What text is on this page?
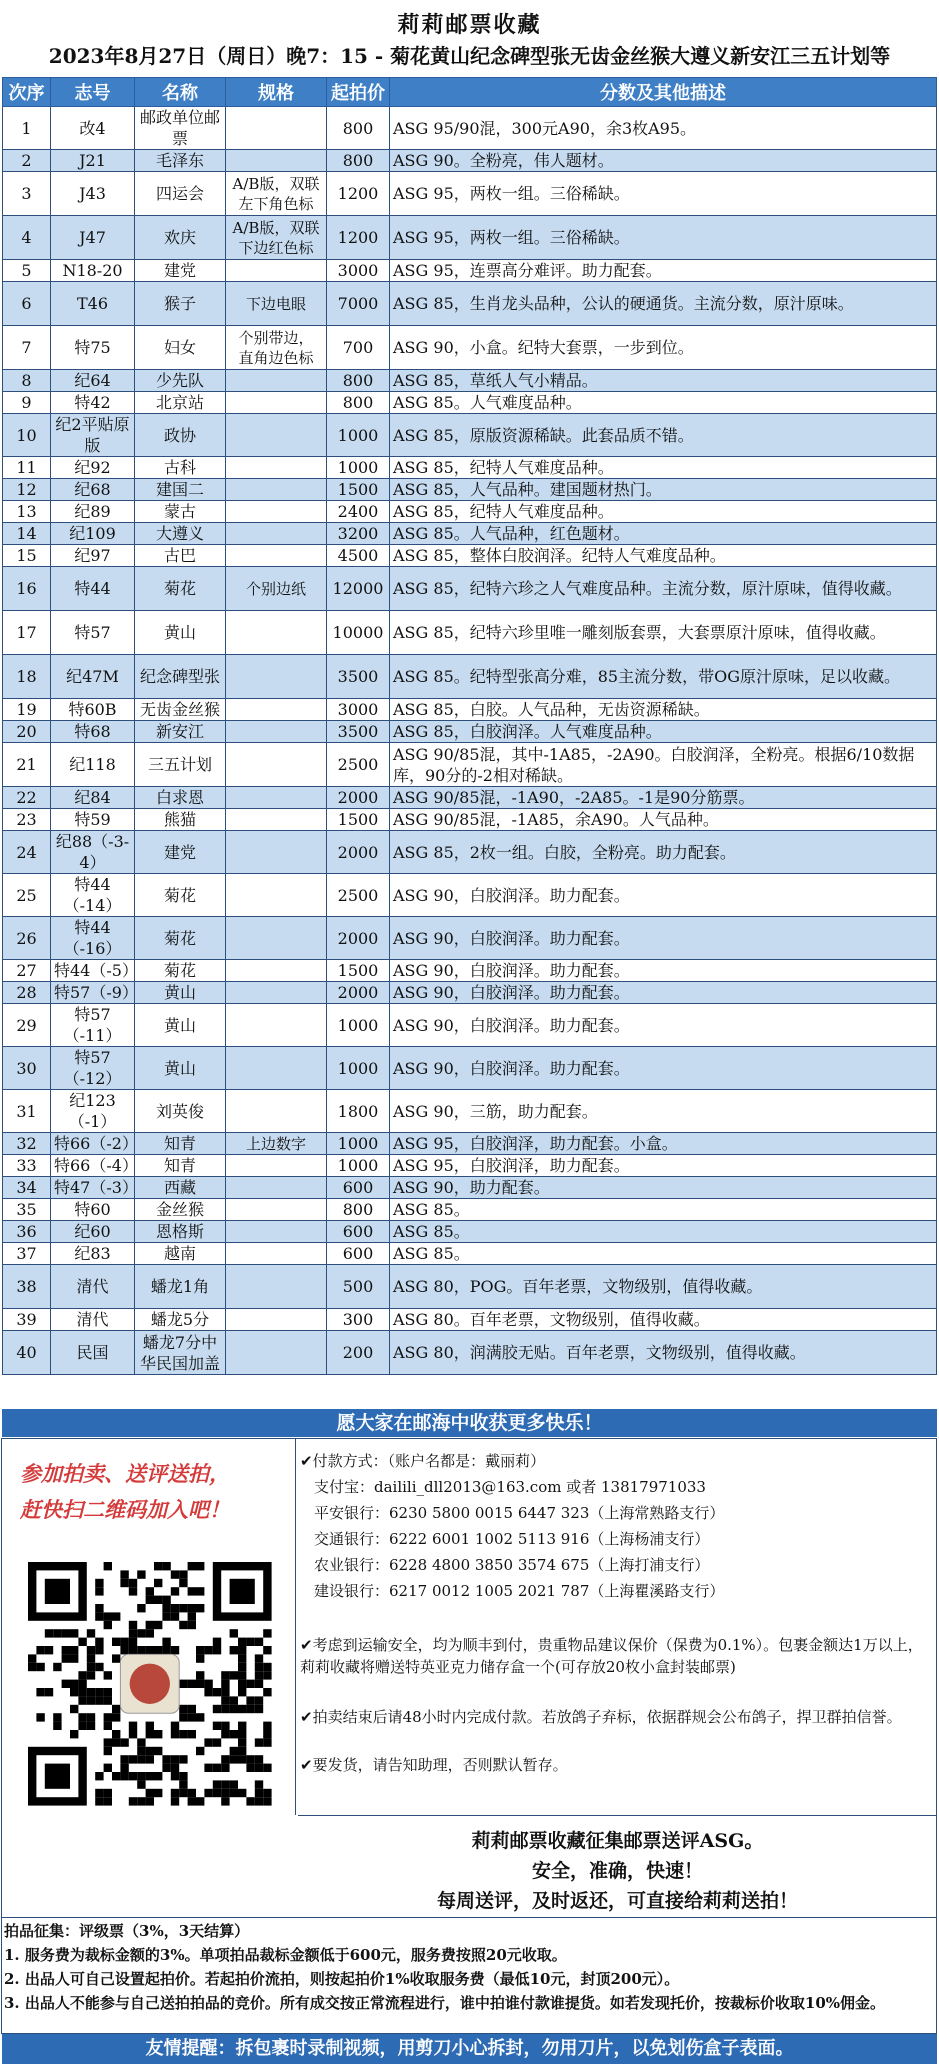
莉莉邮票收藏
2023年8月27日（周日）晚7：15 - 菊花黄山纪念碑型张无齿金丝猴大遵义新安江三五计划等
次序	志号	名称	规格	起拍价	分数及其他描述
1	改4	邮政单位邮票		800	ASG 95/90混，300元A90，余3枚A95。
2	J21	毛泽东		800	ASG 90。全粉亮，伟人题材。
3	J43	四运会	A/B版，双联 左下角色标	1200	ASG 95，两枚一组。三俗稀缺。
4	J47	欢庆	A/B版，双联 下边红色标	1200	ASG 95，两枚一组。三俗稀缺。
5	N18-20	建党		3000	ASG 95，连票高分难评。助力配套。
6	T46	猴子	下边电眼	7000	ASG 85，生肖龙头品种，公认的硬通货。主流分数，原汁原味。
7	特75	妇女	个别带边， 直角边色标	700	ASG 90，小盒。纪特大套票，一步到位。
8	纪64	少先队		800	ASG 85，草纸人气小精品。
9	特42	北京站		800	ASG 85。人气难度品种。
10	纪2平贴原版	政协		1000	ASG 85，原版资源稀缺。此套品质不错。
11	纪92	古科		1000	ASG 85，纪特人气难度品种。
12	纪68	建国二		1500	ASG 85，人气品种。建国题材热门。
13	纪89	蒙古		2400	ASG 85，纪特人气难度品种。
14	纪109	大遵义		3200	ASG 85。人气品种，红色题材。
15	纪97	古巴		4500	ASG 85，整体白胶润泽。纪特人气难度品种。
16	特44	菊花	个别边纸	12000	ASG 85，纪特六珍之人气难度品种。主流分数，原汁原味，值得收藏。
17	特57	黄山		10000	ASG 85，纪特六珍里唯一雕刻版套票，大套票原汁原味，值得收藏。
18	纪47M	纪念碑型张		3500	ASG 85。纪特型张高分难，85主流分数，带OG原汁原味，足以收藏。
19	特60B	无齿金丝猴		3000	ASG 85，白胶。人气品种，无齿资源稀缺。
20	特68	新安江		3500	ASG 85，白胶润泽。人气难度品种。
21	纪118	三五计划		2500	ASG 90/85混，其中-1A85，-2A90。白胶润泽，全粉亮。根据6/10数据库，90分的-2相对稀缺。
22	纪84	白求恩		2000	ASG 90/85混，-1A90，-2A85。-1是90分筋票。
23	特59	熊猫		1500	ASG 90/85混，-1A85，余A90。人气品种。
24	纪88（-3-4）	建党		2000	ASG 85，2枚一组。白胶，全粉亮。助力配套。
25	特44（-14）	菊花		2500	ASG 90，白胶润泽。助力配套。
26	特44（-16）	菊花		2000	ASG 90，白胶润泽。助力配套。
27	特44（-5）	菊花		1500	ASG 90，白胶润泽。助力配套。
28	特57（-9）	黄山		2000	ASG 90，白胶润泽。助力配套。
29	特57（-11）	黄山		1000	ASG 90，白胶润泽。助力配套。
30	特57（-12）	黄山		1000	ASG 90，白胶润泽。助力配套。
31	纪123（-1）	刘英俊		1800	ASG 90，三筋，助力配套。
32	特66（-2）	知青	上边数字	1000	ASG 95，白胶润泽，助力配套。小盒。
33	特66（-4）	知青		1000	ASG 95，白胶润泽，助力配套。
34	特47（-3）	西藏		600	ASG 90，助力配套。
35	特60	金丝猴		800	ASG 85。
36	纪60	恩格斯		600	ASG 85。
37	纪83	越南		600	ASG 85。
38	清代	蟠龙1角		500	ASG 80，POG。百年老票，文物级别，值得收藏。
39	清代	蟠龙5分		300	ASG 80。百年老票，文物级别，值得收藏。
40	民国	蟠龙7分中华民国加盖		200	ASG 80，润满胶无贴。百年老票，文物级别，值得收藏。
愿大家在邮海中收获更多快乐！
参加拍卖、送评送拍，
赶快扫二维码加入吧！
✔付款方式：（账户名都是：戴丽莉）
支付宝：dailili_dll2013@163.com 或者 13817971033
平安银行：6230 5800 0015 6447 323（上海常熟路支行）
交通银行：6222 6001 1002 5113 916（上海杨浦支行）
农业银行：6228 4800 3850 3574 675（上海打浦支行）
建设银行：6217 0012 1005 2021 787（上海瞿溪路支行）
✔考虑到运输安全，均为顺丰到付，贵重物品建议保价（保费为0.1%）。包裹金额达1万以上，莉莉收藏将赠送特英亚克力储存盒一个(可存放20枚小盒封装邮票)
✔拍卖结束后请48小时内完成付款。若放鸽子弃标，依据群规会公布鸽子，捍卫群拍信誉。
✔要发货，请告知助理，否则默认暂存。
莉莉邮票收藏征集邮票送评ASG。
安全，准确，快速！
每周送评，及时返还，可直接给莉莉送拍！
拍品征集：评级票（3%，3天结算）
1. 服务费为裁标金额的3%。单项拍品裁标金额低于600元，服务费按照20元收取。
2. 出品人可自己设置起拍价。若起拍价流拍，则按起拍价1%收取服务费（最低10元，封顶200元）。
3. 出品人不能参与自己送拍拍品的竞价。所有成交按正常流程进行，谁中拍谁付款谁提货。如若发现托价，按裁标价收取10%佣金。
友情提醒：拆包裹时录制视频，用剪刀小心拆封，勿用刀片，以免划伤盒子表面。
